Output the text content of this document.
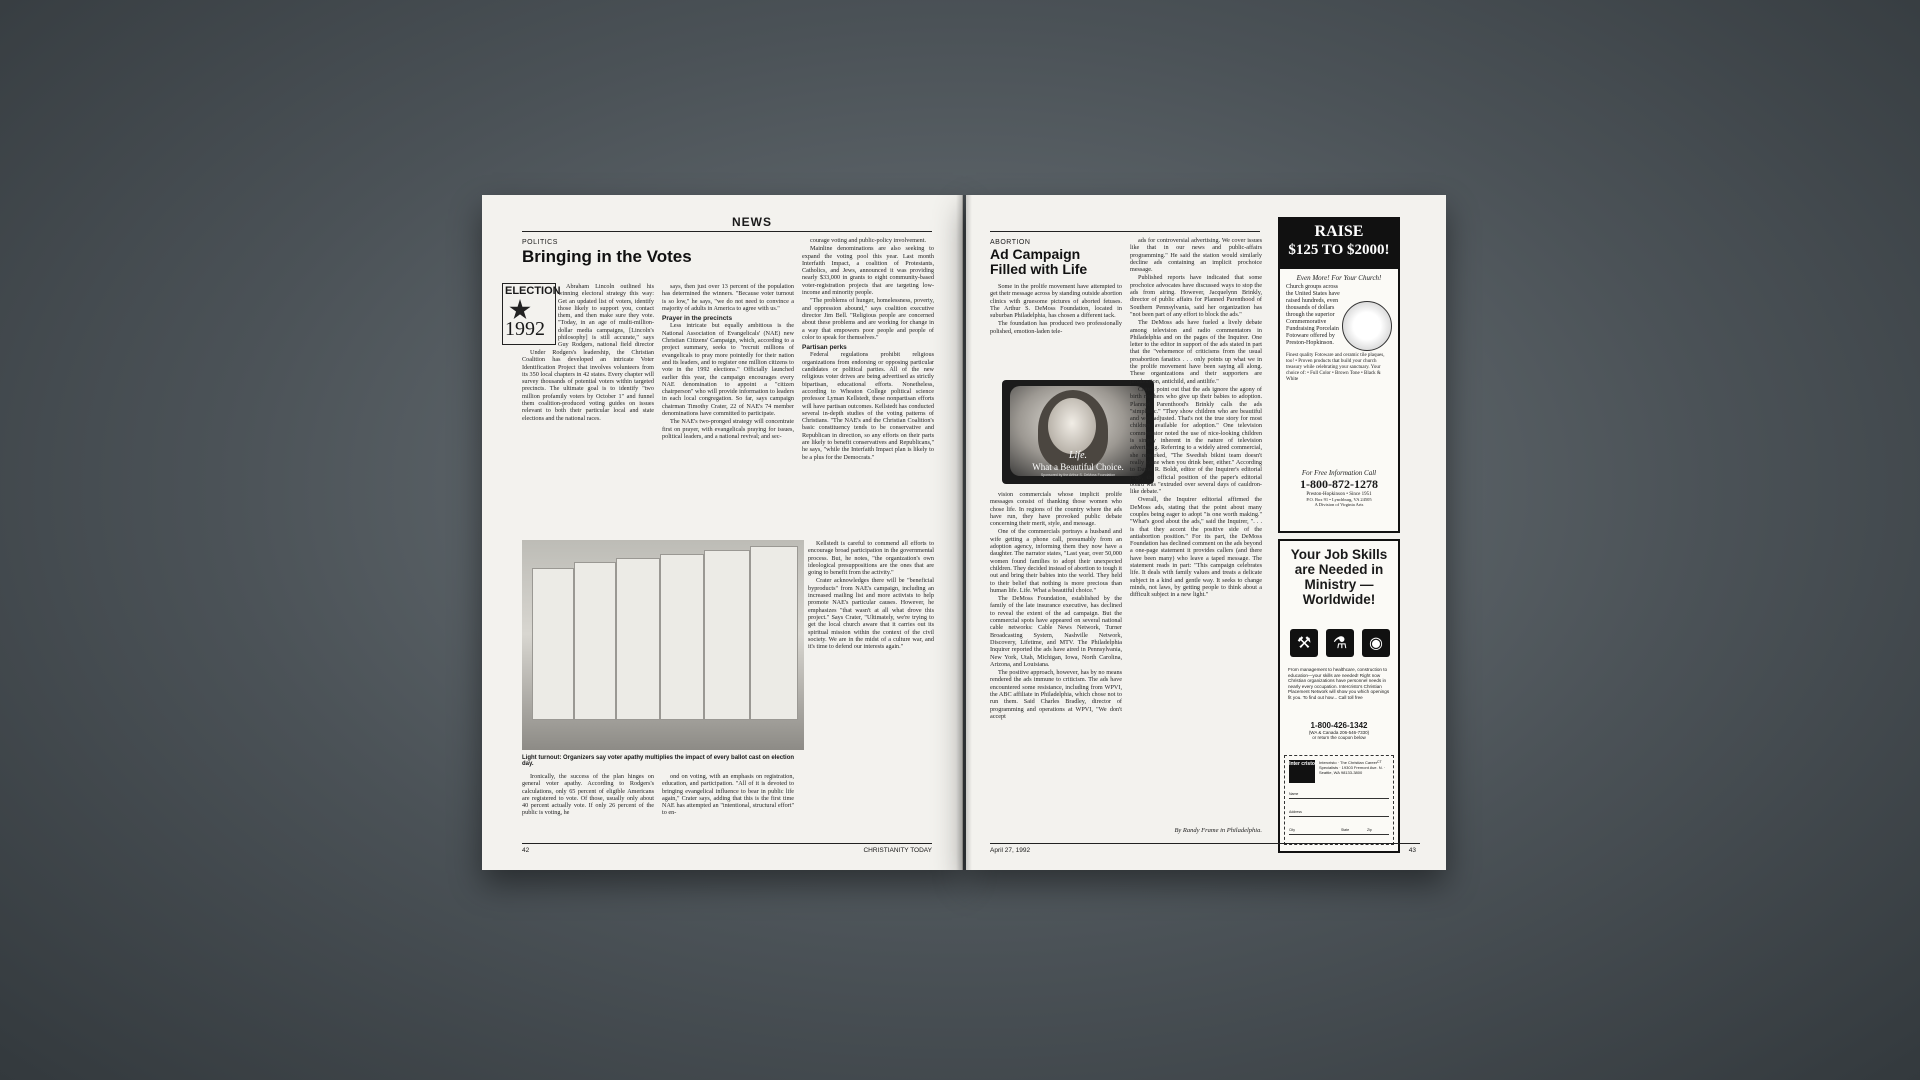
NEWS
POLITICS
Bringing in the Votes
ELECTION
1992

Abraham Lincoln outlined his winning electoral strategy this way: Get an updated list of voters, identify those likely to support you, contact them, and then make sure they vote. "Today, in an age of multi-million-dollar media campaigns, [Lincoln's philosophy] is still accurate," says Guy Rodgers, national field director

Under Rodgers's leadership, the Christian Coalition has developed an intricate Voter Identification Project that involves volunteers from its 350 local chapters in 42 states. Every chapter will survey thousands of potential voters within targeted precincts. The ultimate goal is to identify "two million profamily voters by October 1" and funnel them coalition-produced voting guides on issues relevant to both their particular local and state elections and the national races.

says, then just over 13 percent of the population has determined the winners. "Because voter turnout is so low," he says, "we do not need to convince a majority of adults in America to agree with us."

Prayer in the precincts

Less intricate but equally ambitious is the National Association of Evangelicals' (NAE) new Christian Citizens' Campaign, which, according to a project summary, seeks to "recruit millions of evangelicals to pray more pointedly for their nation and its leaders, and to register one million citizens to vote in the 1992 elections." Officially launched earlier this year, the campaign encourages every NAE denomination to appoint a "citizen chairperson" who will provide information to leaders in each local congregation. So far, says campaign chairman Timothy Crater, 22 of NAE's 74 member denominations have committed to participate.

The NAE's two-pronged strategy will concentrate first on prayer, with evangelicals praying for issues, political leaders, and a national revival; and sec-

courage voting and public-policy involvement.

Mainline denominations are also seeking to expand the voting pool this year. Last month Interfaith Impact, a coalition of Protestants, Catholics, and Jews, announced it was providing nearly $33,000 in grants to eight community-based voter-registration projects that are targeting low-income and minority people.

"The problems of hunger, homelessness, poverty, and oppression abound," says coalition executive director Jim Bell. "Religious people are concerned about these problems and are working for change in a way that empowers poor people and people of color to speak for themselves."

Partisan perks

Federal regulations prohibit religious organizations from endorsing or opposing particular candidates or political parties. All of the new religious voter drives are being advertised as strictly bipartisan, educational efforts. Nonetheless, according to Wheaton College political science professor Lyman Kellstedt, these nonpartisan efforts will have partisan outcomes. Kellstedt has conducted several in-depth studies of the voting patterns of Christians. "The NAE's and the Christian Coalition's basic constituency tends to be conservative and Republican in direction, so any efforts on their parts are likely to benefit conservatives and Republicans," he says, "while the Interfaith Impact plan is likely to be a plus for the Democrats."

Light turnout: Organizers say voter apathy multiplies the impact of every ballot cast on election day.

Kellstedt is careful to commend all efforts to encourage broad participation in the governmental process. But, he notes, "the organization's own ideological presuppositions are the ones that are going to benefit from the activity."

Crater acknowledges there will be "beneficial byproducts" from NAE's campaign, including an increased mailing list and more activists to help promote NAE's particular causes. However, he emphasizes "that wasn't at all what drove this project." Says Crater, "Ultimately, we're trying to get the local church aware that it carries out its spiritual mission within the context of the civil society. We are in the midst of a culture war, and it's time to defend our interests again."

Ironically, the success of the plan hinges on general voter apathy. According to Rodgers's calculations, only 65 percent of eligible Americans are registered to vote. Of those, usually only about 40 percent actually vote. If only 26 percent of the public is voting, he

ond on voting, with an emphasis on registration, education, and participation. "All of it is devoted to bringing evangelical influence to bear in public life again," Crater says, adding that this is the first time NAE has attempted an "intentional, structural effort" to en-

42	CHRISTIANITY TODAY
ABORTION
Ad Campaign
Filled with Life

Some in the prolife movement have attempted to get their message across by standing outside abortion clinics with gruesome pictures of aborted fetuses. The Arthur S. DeMoss Foundation, located in suburban Philadelphia, has chosen a different tack.

The foundation has produced two professionally polished, emotion-laden tele-

Life.
What a Beautiful Choice.
Sponsored by the Arthur S. DeMoss Foundation

vision commercials whose implicit prolife messages consist of thanking those women who chose life. In regions of the country where the ads have run, they have provoked public debate concerning their merit, style, and message.

One of the commercials portrays a husband and wife getting a phone call, presumably from an adoption agency, informing them they now have a daughter. The narrator states, "Last year, over 50,000 women found families to adopt their unexpected children. They decided instead of abortion to tough it out and bring their babies into the world. They held to their belief that nothing is more precious than human life. Life. What a beautiful choice."

The DeMoss Foundation, established by the family of the late insurance executive, has declined to reveal the extent of the ad campaign. But the commercial spots have appeared on several national cable networks: Cable News Network, Turner Broadcasting System, Nashville Network, Discovery, Lifetime, and MTV. The Philadelphia Inquirer reported the ads have aired in Pennsylvania, New York, Utah, Michigan, Iowa, North Carolina, Arizona, and Louisiana.

The positive approach, however, has by no means rendered the ads immune to criticism. The ads have encountered some resistance, including from WPVI, the ABC affiliate in Philadelphia, which chose not to run them. Said Charles Bradley, director of programming and operations at WPVI, "We don't accept

ads for controversial advertising. We cover issues like that in our news and public-affairs programming." He said the station would similarly decline ads containing an implicit prochoice message.

Published reports have indicated that some prochoice advocates have discussed ways to stop the ads from airing. However, Jacquelynn Brinkly, director of public affairs for Planned Parenthood of Southern Pennsylvania, said her organization has "not been part of any effort to block the ads."

The DeMoss ads have fueled a lively debate among television and radio commentators in Philadelphia and on the pages of the Inquirer. One letter to the editor in support of the ads stated in part that the "vehemence of criticisms from the usual proabortion fanatics . . . only points up what we in the prolife movement have been saying all along. These organizations and their supporters are proabortion, antichild, and antilife."

Critics point out that the ads ignore the agony of birth mothers who give up their babies to adoption. Planned Parenthood's Brinkly calls the ads "simplistic." "They show children who are beautiful and well adjusted. That's not the true story for most children available for adoption." One television commentator noted the use of nice-looking children is simply inherent in the nature of television advertising. Referring to a widely aired commercial, she remarked, "The Swedish bikini team doesn't really come when you drink beer, either." According to David R. Boldt, editor of the Inquirer's editorial page, the official position of the paper's editorial board was "extruded over several days of cauldron-like debate."

Overall, the Inquirer editorial affirmed the DeMoss ads, stating that the point about many couples being eager to adopt "is one worth making." "What's good about the ads," said the Inquirer, ". . . is that they accent the positive side of the antiabortion position." For its part, the DeMoss Foundation has declined comment on the ads beyond a one-page statement it provides callers (and there have been many) who leave a taped message. The statement reads in part: "This campaign celebrates life. It deals with family values and treats a delicate subject in a kind and gentle way. It seeks to change minds, not laws, by getting people to think about a difficult subject in a new light."

By Randy Frame in Philadelphia.
RAISE
$125 TO $2000!
Even More! For Your Church!
Church groups across the United States have raised hundreds, even thousands of dollars through the superior Commemorative Fundraising Porcelain Fotoware offered by Preston-Hopkinson.
Finest quality Fotoware and ceramic tile plaques, too! • Proven products that build your church treasury while celebrating your sanctuary. Your choice of: • Full Color • Brown Tone • Black & White
For Free Information Call
1-800-872-1278
Preston-Hopkinson • Since 1951
P.O. Box 91 • Lynchburg, VA 24505
A Division of Virginia Arts
Your Job Skills are Needed in Ministry —Worldwide!
⚒	⚗	◉
From management to healthcare, construction to education—your skills are needed! Right now Christian organizations have personnel needs in nearly every occupation. Intercristo's Christian Placement Network will show you which openings fit you. To find out how... Call toll free
1-800-426-1342
(WA & Canada 206-546-7330)
or return the coupon below
Inter cristo Intercristo · The Christian Career Specialists · 19303 Fremont Ave. N. · Seattle, WA 98133-3800
CT
Name
Address
City	State	Zip
April 27, 1992	43
